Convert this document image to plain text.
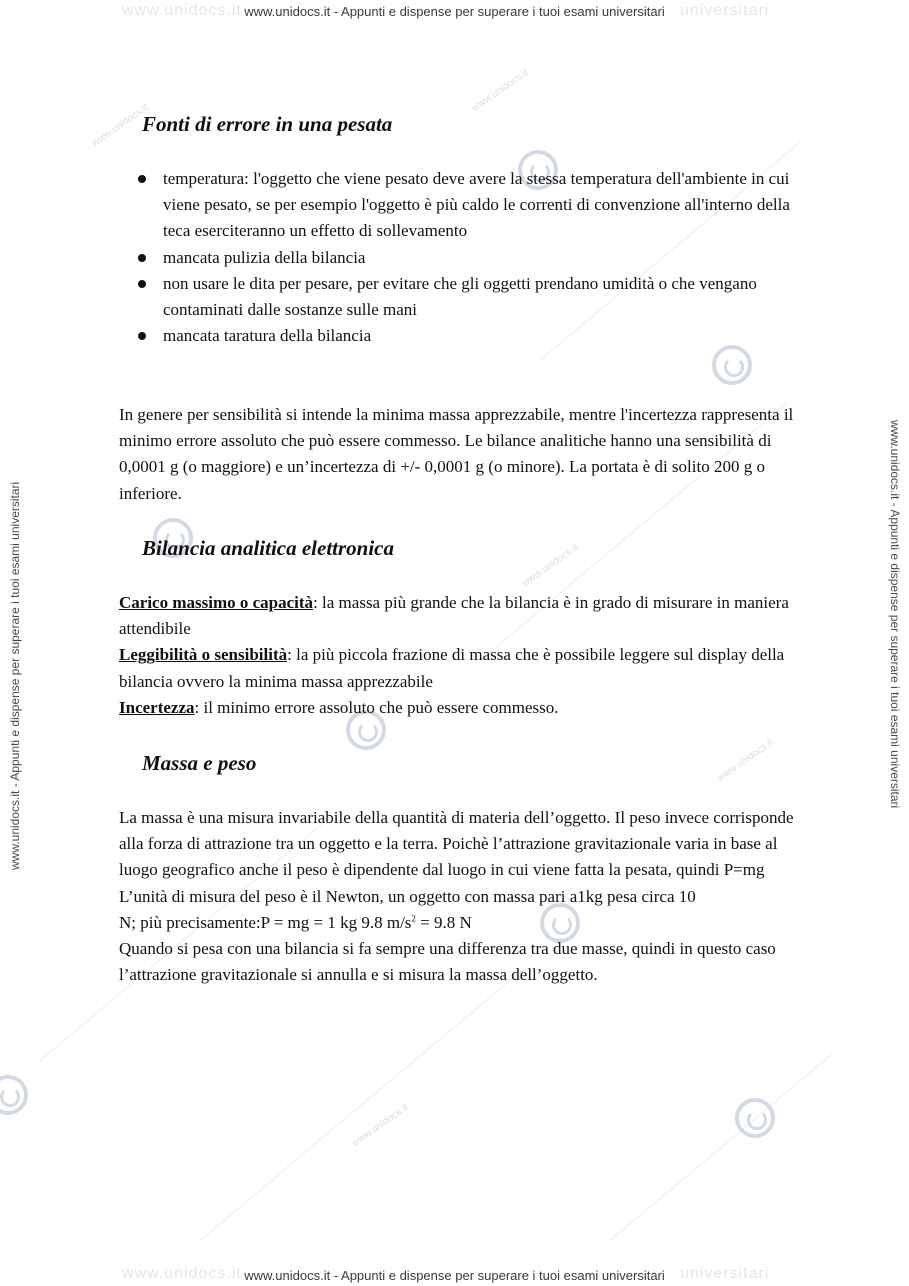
www.unidocs.it	universitari
www.unidocs.it	universitari
www.unidocs.it
www.unidocs.it
www.unidocs.it
www.unidocs.it
www.unidocs.it
www.unidocs.it - Appunti e dispense per superare i tuoi esami universitari
www.unidocs.it - Appunti e dispense per superare i tuoi esami universitari
www.unidocs.it - Appunti e dispense per superare i tuoi esami universitari	www.unidocs.it - Appunti e dispense per superare i tuoi esami universitari
Fonti di errore in una pesata
temperatura: l'oggetto che viene pesato deve avere la stessa temperatura dell'ambiente in cui viene pesato, se per esempio l'oggetto è più caldo le correnti di convenzione all'interno della teca eserciteranno un effetto di sollevamento
mancata pulizia della bilancia
non usare le dita per pesare, per evitare che gli oggetti prendano umidità o che vengano contaminati dalle sostanze sulle mani
mancata taratura della bilancia

In genere per sensibilità si intende la minima massa apprezzabile, mentre l'incertezza rappresenta il minimo errore assoluto che può essere commesso. Le bilance analitiche hanno una sensibilità di 0,0001 g (o maggiore) e un’incertezza di +/- 0,0001 g (o minore). La portata è di solito 200 g o inferiore.

Bilancia analitica elettronica
Carico massimo o capacità: la massa più grande che la bilancia è in grado di misurare in maniera attendibile
Leggibilità o sensibilità: la più piccola frazione di massa che è possibile leggere sul display della bilancia ovvero la minima massa apprezzabile
Incertezza: il minimo errore assoluto che può essere commesso.
Massa e peso
La massa è una misura invariabile della quantità di materia dell’oggetto. Il peso invece corrisponde alla forza di attrazione tra un oggetto e la terra. Poichè l’attrazione gravitazionale varia in base al luogo geografico anche il peso è dipendente dal luogo in cui viene fatta la pesata, quindi P=mg
L’unità di misura del peso è il Newton, un oggetto con massa pari a1kg pesa circa 10
N; più precisamente:P = mg = 1 kg 9.8 $m/s^2 = 9.8$ N
Quando si pesa con una bilancia si fa sempre una differenza tra due masse, quindi in questo caso l’attrazione gravitazionale si annulla e si misura la massa dell’oggetto.
